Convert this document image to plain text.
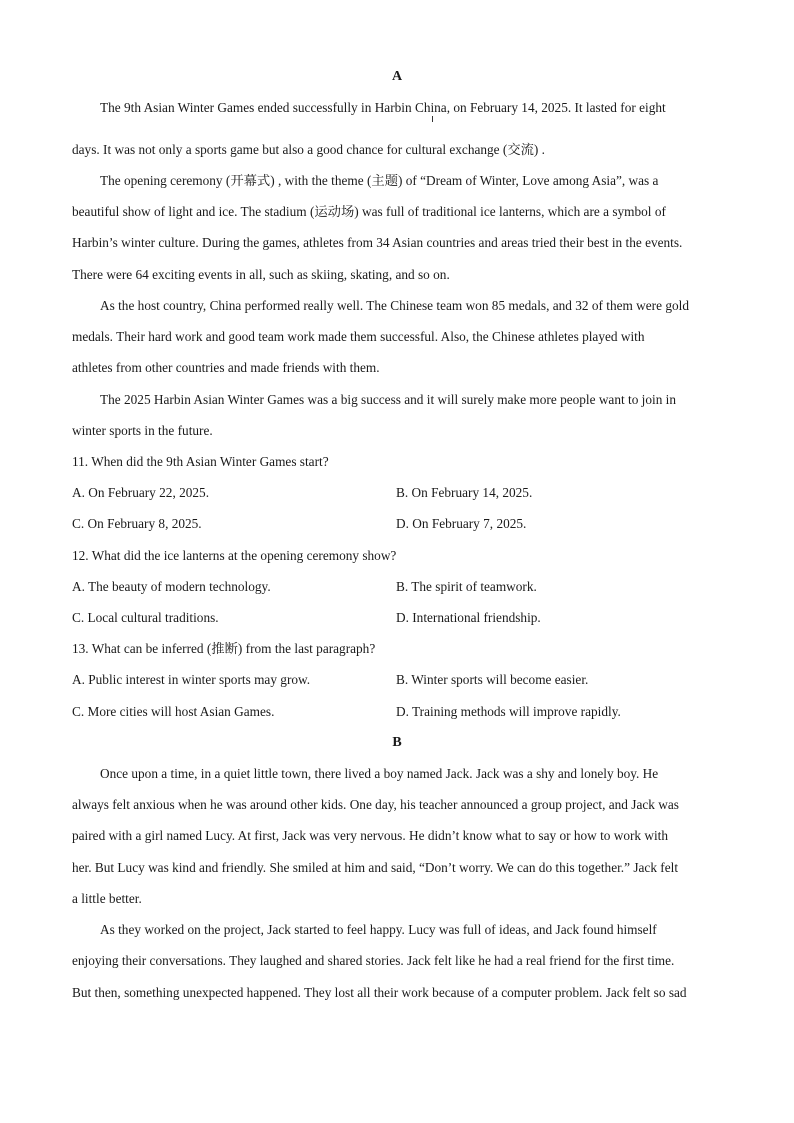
A
The 9th Asian Winter Games ended successfully in Harbin China, on February 14, 2025. It lasted for eight
days. It was not only a sports game but also a good chance for cultural exchange (交流) .
The opening ceremony (开幕式) , with the theme (主题) of “Dream of Winter, Love among Asia”, was a
beautiful show of light and ice. The stadium (运动场) was full of traditional ice lanterns, which are a symbol of
Harbin’s winter culture. During the games, athletes from 34 Asian countries and areas tried their best in the events.
There were 64 exciting events in all, such as skiing, skating, and so on.
As the host country, China performed really well. The Chinese team won 85 medals, and 32 of them were gold
medals. Their hard work and good team work made them successful. Also, the Chinese athletes played with
athletes from other countries and made friends with them.
The 2025 Harbin Asian Winter Games was a big success and it will surely make more people want to join in
winter sports in the future.
11. When did the 9th Asian Winter Games start?
A. On February 22, 2025.	B. On February 14, 2025.
C. On February 8, 2025.	D. On February 7, 2025.
12. What did the ice lanterns at the opening ceremony show?
A. The beauty of modern technology.	B. The spirit of teamwork.
C. Local cultural traditions.	D. International friendship.
13. What can be inferred (推断) from the last paragraph?
A. Public interest in winter sports may grow.	B. Winter sports will become easier.
C. More cities will host Asian Games.	D. Training methods will improve rapidly.
B
Once upon a time, in a quiet little town, there lived a boy named Jack. Jack was a shy and lonely boy. He
always felt anxious when he was around other kids. One day, his teacher announced a group project, and Jack was
paired with a girl named Lucy. At first, Jack was very nervous. He didn’t know what to say or how to work with
her. But Lucy was kind and friendly. She smiled at him and said, “Don’t worry. We can do this together.” Jack felt
a little better.
As they worked on the project, Jack started to feel happy. Lucy was full of ideas, and Jack found himself
enjoying their conversations. They laughed and shared stories. Jack felt like he had a real friend for the first time.
But then, something unexpected happened. They lost all their work because of a computer problem. Jack felt so sad
